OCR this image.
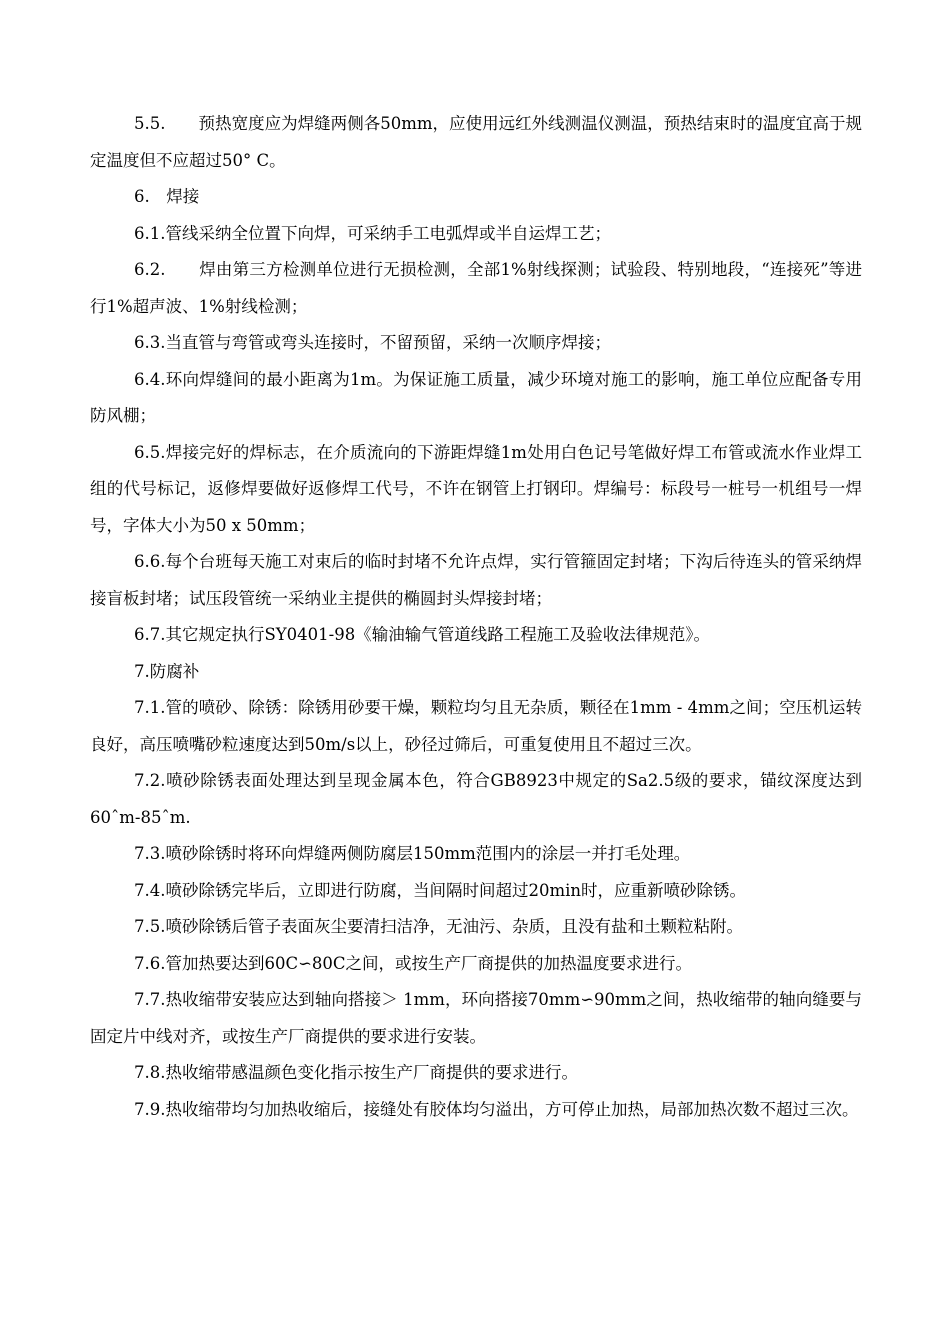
5.5.　　预热宽度应为焊缝两侧各50mm，应使用远红外线测温仪测温，预热结束时的温度宜高于规定温度但不应超过50° C。

6.　焊接

6.1.管线采纳全位置下向焊，可采纳手工电弧焊或半自运焊工艺；

6.2.　　焊由第三方检测单位进行无损检测，全部1%射线探测；试验段、特别地段，“连接死”等进行1%超声波、1%射线检测；

6.3.当直管与弯管或弯头连接时，不留预留，采纳一次顺序焊接；

6.4.环向焊缝间的最小距离为1m。为保证施工质量，减少环境对施工的影响，施工单位应配备专用防风棚；

6.5.焊接完好的焊标志，在介质流向的下游距焊缝1m处用白色记号笔做好焊工布管或流水作业焊工组的代号标记，返修焊要做好返修焊工代号，不许在钢管上打钢印。焊编号：标段号一桩号一机组号一焊号，字体大小为50 x 50mm；

6.6.每个台班每天施工对束后的临时封堵不允许点焊，实行管箍固定封堵；下沟后待连头的管采纳焊接盲板封堵；试压段管统一采纳业主提供的椭圆封头焊接封堵；

6.7.其它规定执行SY0401-98《输油输气管道线路工程施工及验收法律规范》。

7.防腐补

7.1.管的喷砂、除锈：除锈用砂要干燥，颗粒均匀且无杂质，颗径在1mm - 4mm之间；空压机运转良好，高压喷嘴砂粒速度达到50m/s以上，砂径过筛后，可重复使用且不超过三次。

7.2.喷砂除锈表面处理达到呈现金属本色，符合GB8923中规定的Sa2.5级的要求，锚纹深度达到60ˆm-85ˆm.

7.3.喷砂除锈时将环向焊缝两侧防腐层150mm范围内的涂层一并打毛处理。

7.4.喷砂除锈完毕后，立即进行防腐，当间隔时间超过20min时，应重新喷砂除锈。

7.5.喷砂除锈后管子表面灰尘要清扫洁净，无油污、杂质，且没有盐和土颗粒粘附。

7.6.管加热要达到60C∽80C之间，或按生产厂商提供的加热温度要求进行。

7.7.热收缩带安装应达到轴向搭接＞ 1mm，环向搭接70mm∽90mm之间，热收缩带的轴向缝要与固定片中线对齐，或按生产厂商提供的要求进行安装。

7.8.热收缩带感温颜色变化指示按生产厂商提供的要求进行。

7.9.热收缩带均匀加热收缩后，接缝处有胶体均匀溢出，方可停止加热，局部加热次数不超过三次。
